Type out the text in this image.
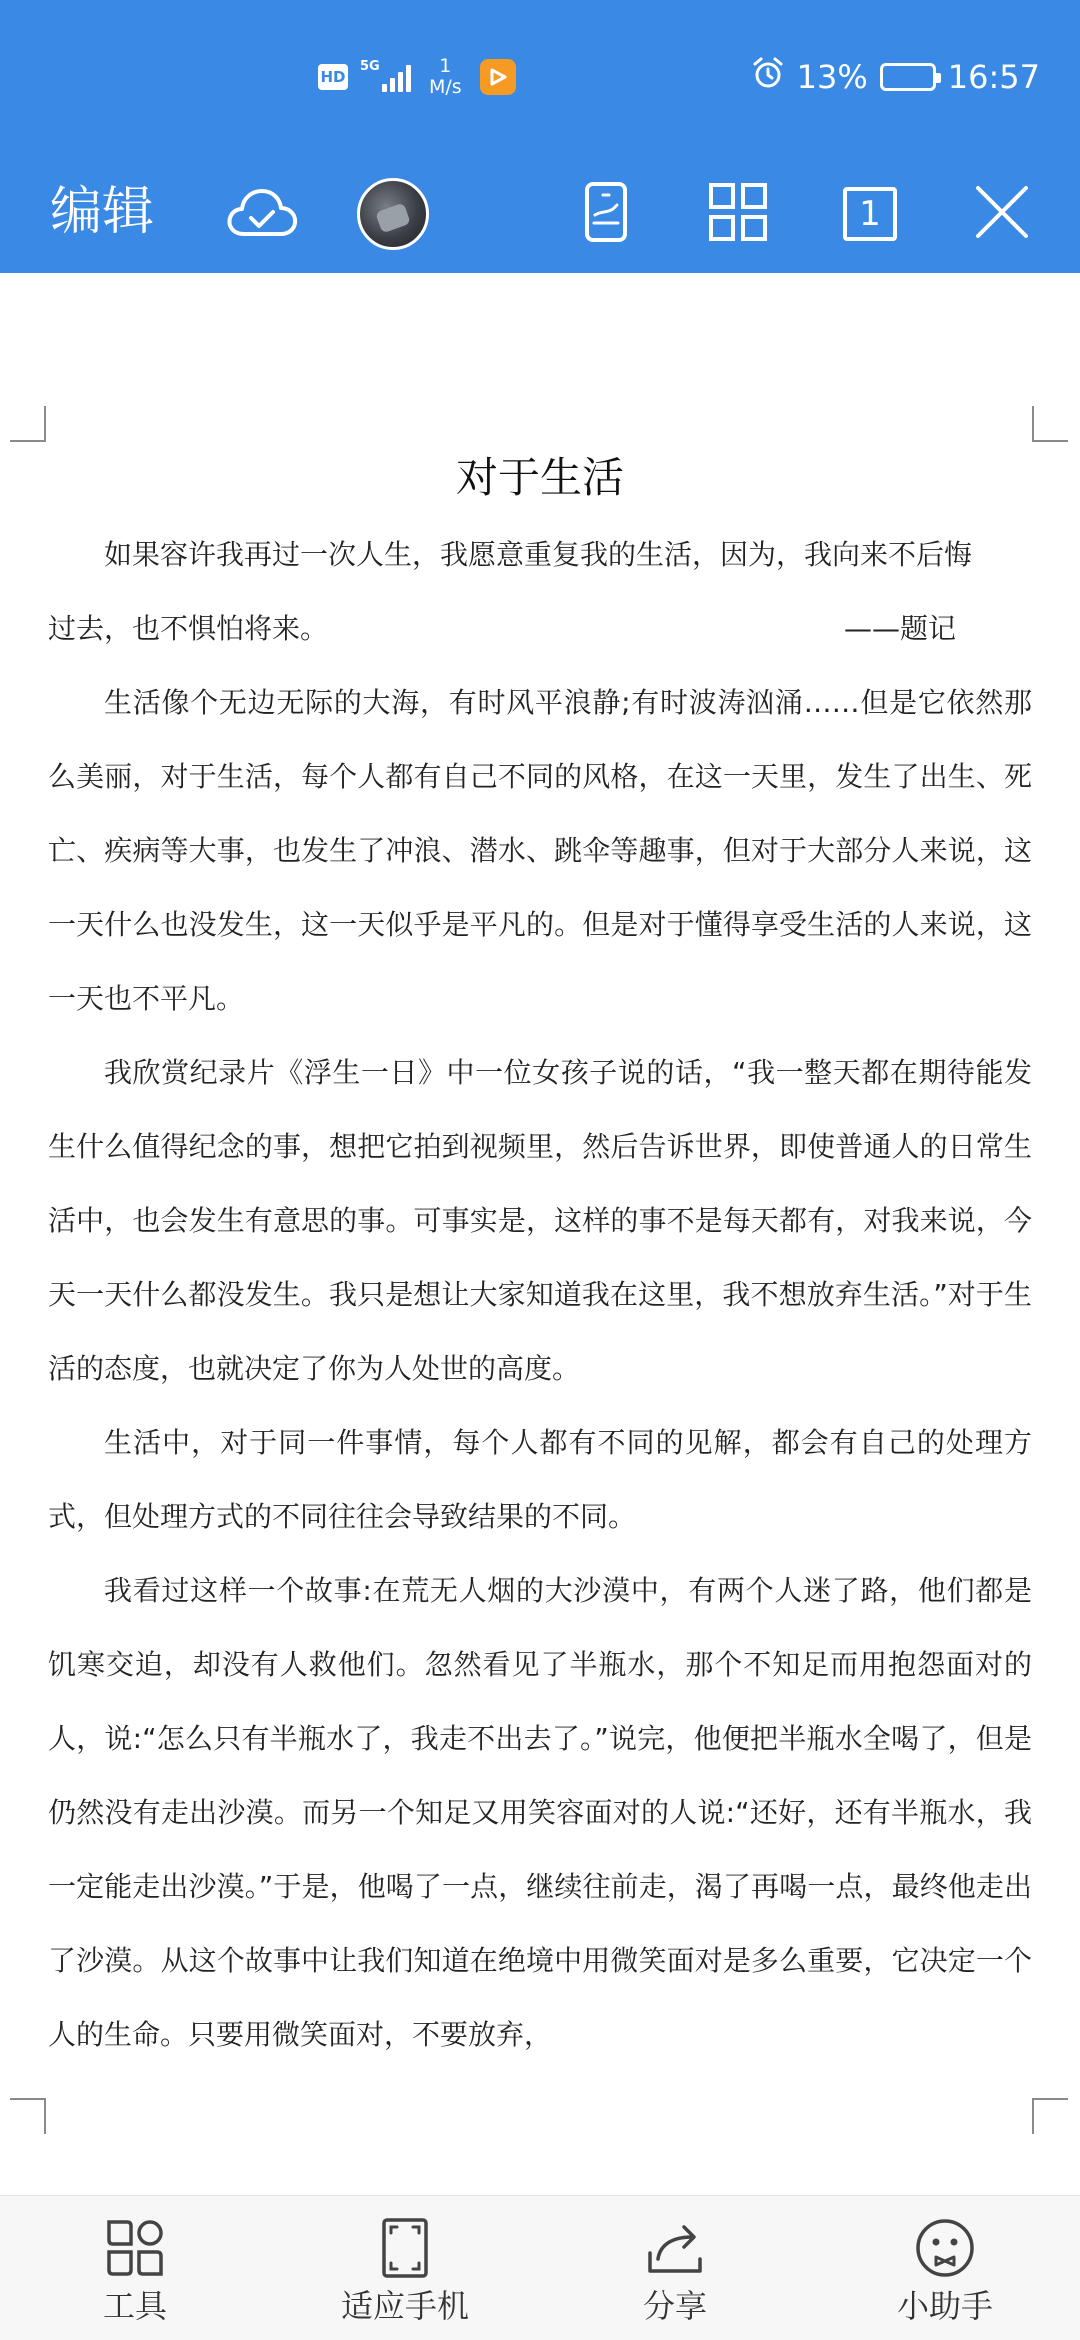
HD
5G	1
M/s	13%	16:57
编辑	1
对于生活

如果容许我再过一次人生，我愿意重复我的生活，因为，我向来不后悔

过去，也不惧怕将来。	——题记

生活像个无边无际的大海，有时风平浪静;有时波涛汹涌……但是它依然那么美丽，对于生活，每个人都有自己不同的风格，在这一天里，发生了出生、死亡、疾病等大事，也发生了冲浪、潜水、跳伞等趣事，但对于大部分人来说，这一天什么也没发生，这一天似乎是平凡的。但是对于懂得享受生活的人来说，这一天也不平凡。

我欣赏纪录片《浮生一日》中一位女孩子说的话，“我一整天都在期待能发生什么值得纪念的事，想把它拍到视频里，然后告诉世界，即使普通人的日常生活中，也会发生有意思的事。可事实是，这样的事不是每天都有，对我来说，今天一天什么都没发生。我只是想让大家知道我在这里，我不想放弃生活。”对于生活的态度，也就决定了你为人处世的高度。

生活中，对于同一件事情，每个人都有不同的见解，都会有自己的处理方式，但处理方式的不同往往会导致结果的不同。

我看过这样一个故事:在荒无人烟的大沙漠中，有两个人迷了路，他们都是饥寒交迫，却没有人救他们。忽然看见了半瓶水，那个不知足而用抱怨面对的人，说:“怎么只有半瓶水了，我走不出去了。”说完，他便把半瓶水全喝了，但是仍然没有走出沙漠。而另一个知足又用笑容面对的人说:“还好，还有半瓶水，我一定能走出沙漠。”于是，他喝了一点，继续往前走，渴了再喝一点，最终他走出了沙漠。从这个故事中让我们知道在绝境中用微笑面对是多么重要，它决定一个人的生命。只要用微笑面对，不要放弃，

工具	适应手机	分享	小助手
